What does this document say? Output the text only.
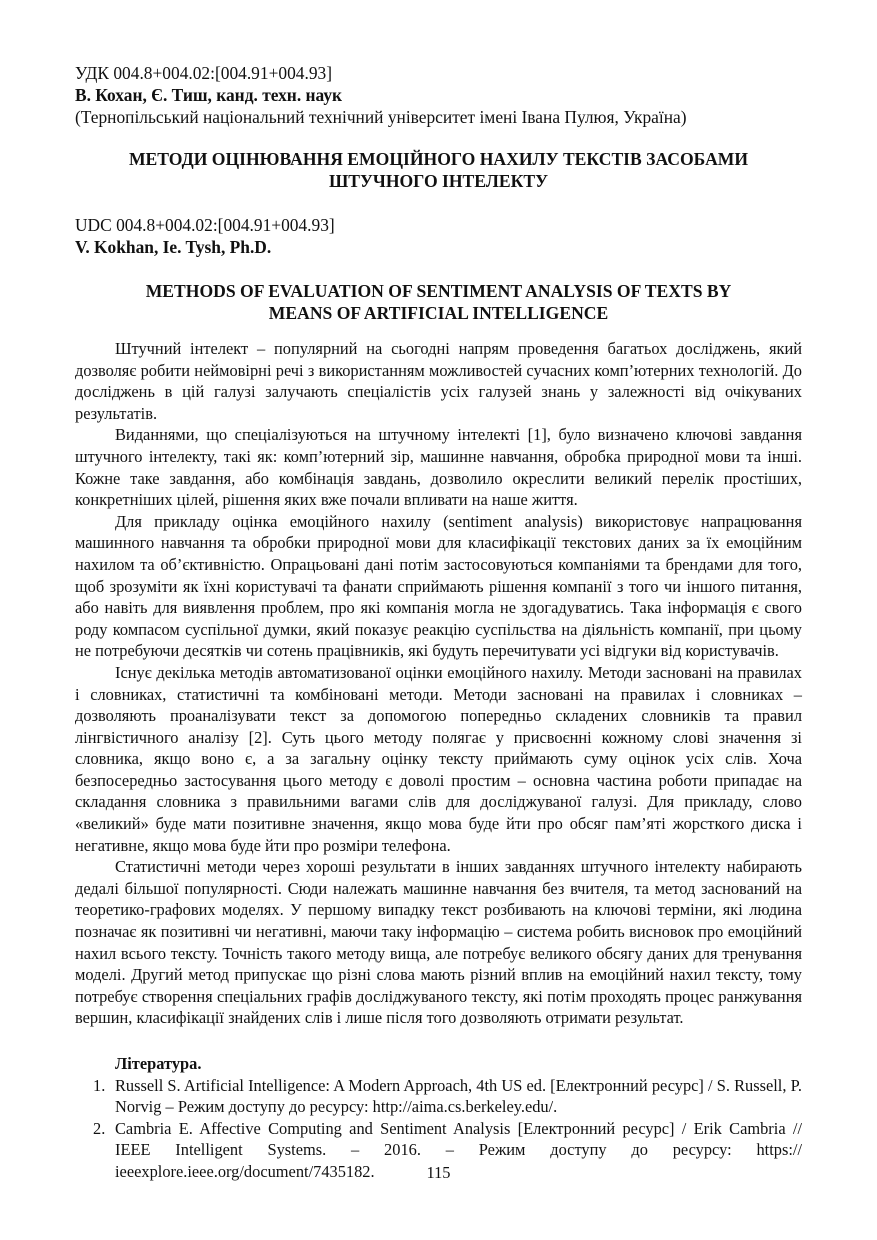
УДК 004.8+004.02:[004.91+004.93]
В. Кохан, Є. Тиш, канд. техн. наук
(Тернопільський національний технічний університет імені Івана Пулюя, Україна)
МЕТОДИ ОЦІНЮВАННЯ ЕМОЦІЙНОГО НАХИЛУ ТЕКСТІВ ЗАСОБАМИ
ШТУЧНОГО ІНТЕЛЕКТУ
UDC 004.8+004.02:[004.91+004.93]
V. Kokhan, Ie. Tysh, Ph.D.
METHODS OF EVALUATION OF SENTIMENT ANALYSIS OF TEXTS BY
MEANS OF ARTIFICIAL INTELLIGENCE

Штучний інтелект – популярний на сьогодні напрям проведення багатьох досліджень, який дозволяє робити неймовірні речі з використанням можливостей сучасних комп’ютерних технологій. До досліджень в цій галузі залучають спеціалістів усіх галузей знань у залежності від очікуваних результатів.

Виданнями, що спеціалізуються на штучному інтелекті [1], було визначено ключові завдання штучного інтелекту, такі як: комп’ютерний зір, машинне навчання, обробка природної мови та інші. Кожне таке завдання, або комбінація завдань, дозволило окреслити великий перелік простіших, конкретніших цілей, рішення яких вже почали впливати на наше життя.

Для прикладу оцінка емоційного нахилу (sentiment analysis) використовує напрацювання машинного навчання та обробки природної мови для класифікації текстових даних за їх емоційним нахилом та об’єктивністю. Опрацьовані дані потім застосовуються компаніями та брендами для того, щоб зрозуміти як їхні користувачі та фанати сприймають рішення компанії з того чи іншого питання, або навіть для виявлення проблем, про які компанія могла не здогадуватись. Така інформація є свого роду компасом суспільної думки, який показує реакцію суспільства на діяльність компанії, при цьому не потребуючи десятків чи сотень працівників, які будуть перечитувати усі відгуки від користувачів.

Існує декілька методів автоматизованої оцінки емоційного нахилу. Методи засновані на правилах і словниках, статистичні та комбіновані методи. Методи засновані на правилах і словниках – дозволяють проаналізувати текст за допомогою попередньо складених словників та правил лінгвістичного аналізу [2]. Суть цього методу полягає у присвоєнні кожному слові значення зі словника, якщо воно є, а за загальну оцінку тексту приймають суму оцінок усіх слів. Хоча безпосередньо застосування цього методу є доволі простим – основна частина роботи припадає на складання словника з правильними вагами слів для досліджуваної галузі. Для прикладу, слово «великий» буде мати позитивне значення, якщо мова буде йти про обсяг пам’яті жорсткого диска і негативне, якщо мова буде йти про розміри телефона.

Статистичні методи через хороші результати в інших завданнях штучного інтелекту набирають дедалі більшої популярності. Сюди належать машинне навчання без вчителя, та метод заснований на теоретико-графових моделях. У першому випадку текст розбивають на ключові терміни, які людина позначає як позитивні чи негативні, маючи таку інформацію – система робить висновок про емоційний нахил всього тексту. Точність такого методу вища, але потребує великого обсягу даних для тренування моделі. Другий метод припускає що різні слова мають різний вплив на емоційний нахил тексту, тому потребує створення спеціальних графів досліджуваного тексту, які потім проходять процес ранжування вершин, класифікації знайдених слів і лише після того дозволяють отримати результат.

Література.
1. Russell S. Artificial Intelligence: A Modern Approach, 4th US ed. [Електронний ресурс] / S. Russell, P. Norvig – Режим доступу до ресурсу: http://aima.cs.berkeley.edu/.
2. Cambria E. Affective Computing and Sentiment Analysis [Електронний ресурс] / Erik Cambria // IEEE Intelligent Systems. – 2016. – Режим доступу до ресурсу: https:// ieeexplore.ieee.org/document/7435182.	115
